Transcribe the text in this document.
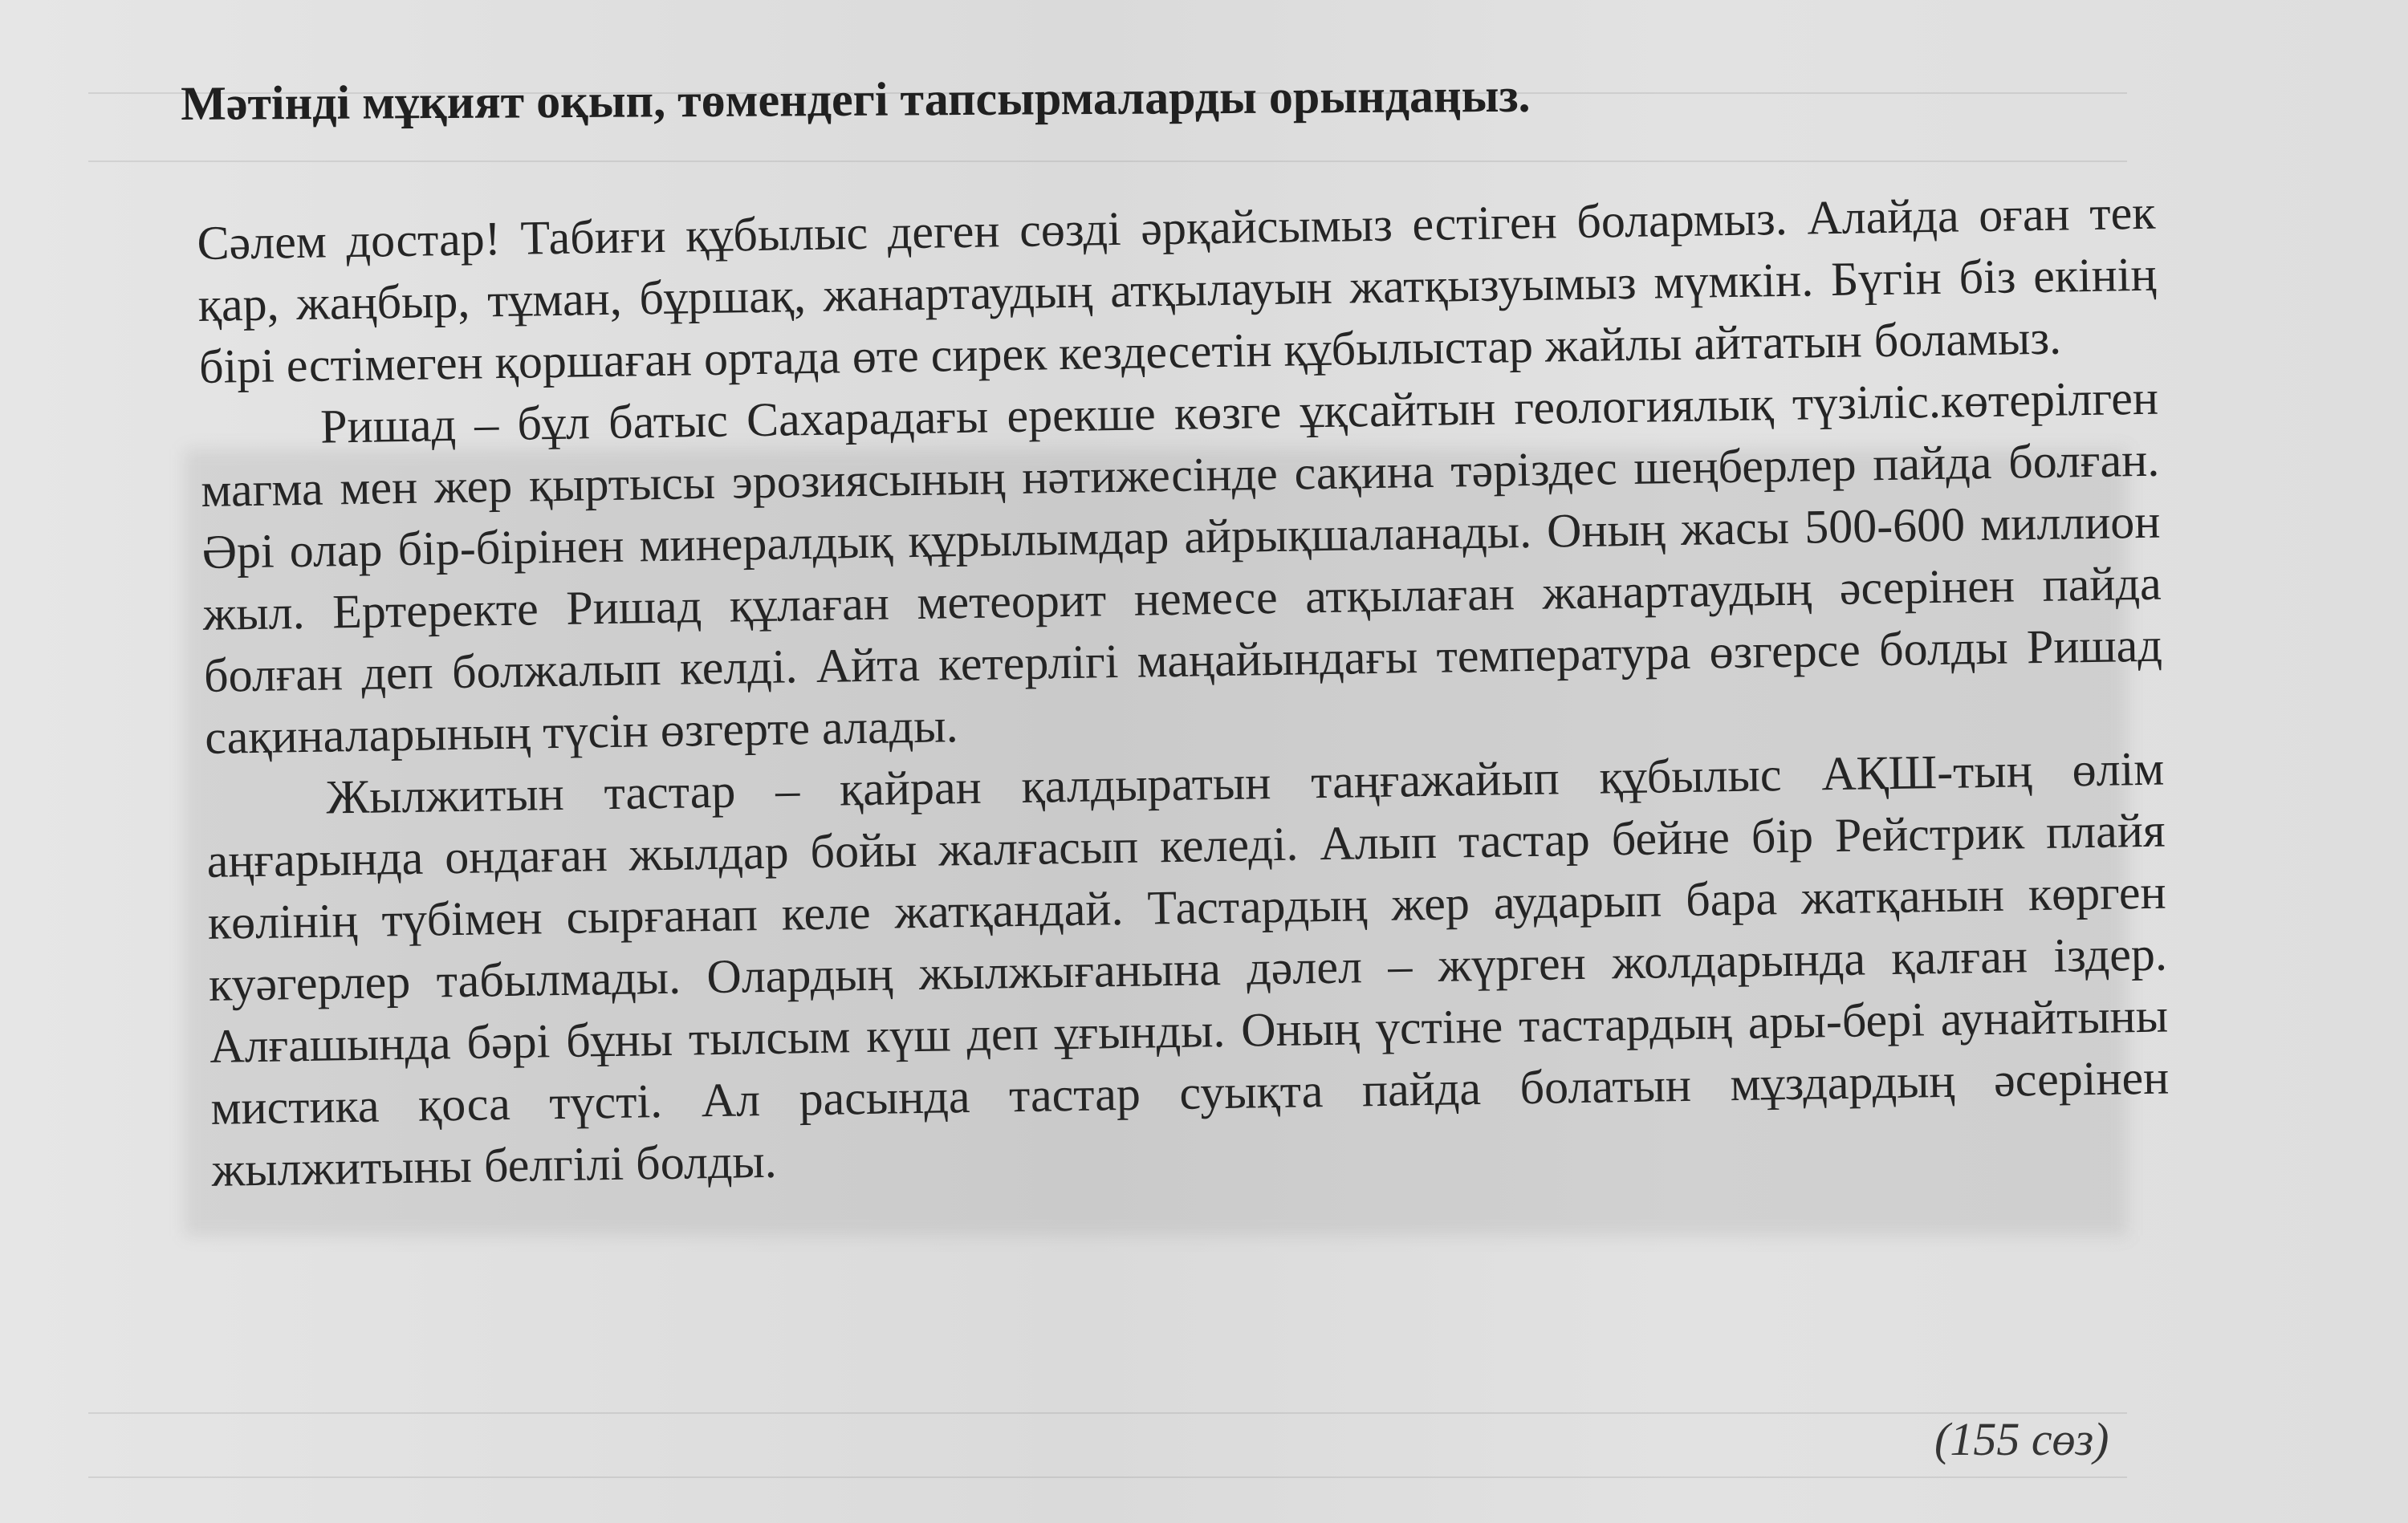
Мәтінді мұқият оқып, төмендегі тапсырмаларды орындаңыз.

Сәлем достар! Табиғи құбылыс деген сөзді әрқайсымыз естіген болармыз. Алайда оған тек қар, жаңбыр, тұман, бұршақ, жанартаудың атқылауын жатқызуымыз мүмкін. Бүгін біз екінің бірі естімеген қоршаған ортада өте сирек кездесетін құбылыстар жайлы айтатын боламыз.

Ришад – бұл батыс Сахарадағы ерекше көзге ұқсайтын геологиялық түзіліс.көтерілген магма мен жер қыртысы эрозиясының нәтижесінде сақина тәріздес шеңберлер пайда болған. Әрі олар бір-бірінен минералдық құрылымдар айрықшаланады. Оның жасы 500-600 миллион жыл. Ертеректе Ришад құлаған метеорит немесе атқылаған жанартаудың әсерінен пайда болған деп болжалып келді. Айта кетерлігі маңайындағы температура өзгерсе болды Ришад сақиналарының түсін өзгерте алады.

Жылжитын тастар – қайран қалдыратын таңғажайып құбылыс АҚШ-тың өлім аңғарында ондаған жылдар бойы жалғасып келеді. Алып тастар бейне бір Рейстрик плайя көлінің түбімен сырғанап келе жатқандай. Тастардың жер аударып бара жатқанын көрген куәгерлер табылмады. Олардың жылжығанына дәлел – жүрген жолдарында қалған іздер. Алғашында бәрі бұны тылсым күш деп ұғынды. Оның үстіне тастардың ары-бері аунайтыны мистика қоса түсті. Ал расында тастар суықта пайда болатын мұздардың әсерінен жылжитыны белгілі болды.

(155 сөз)
